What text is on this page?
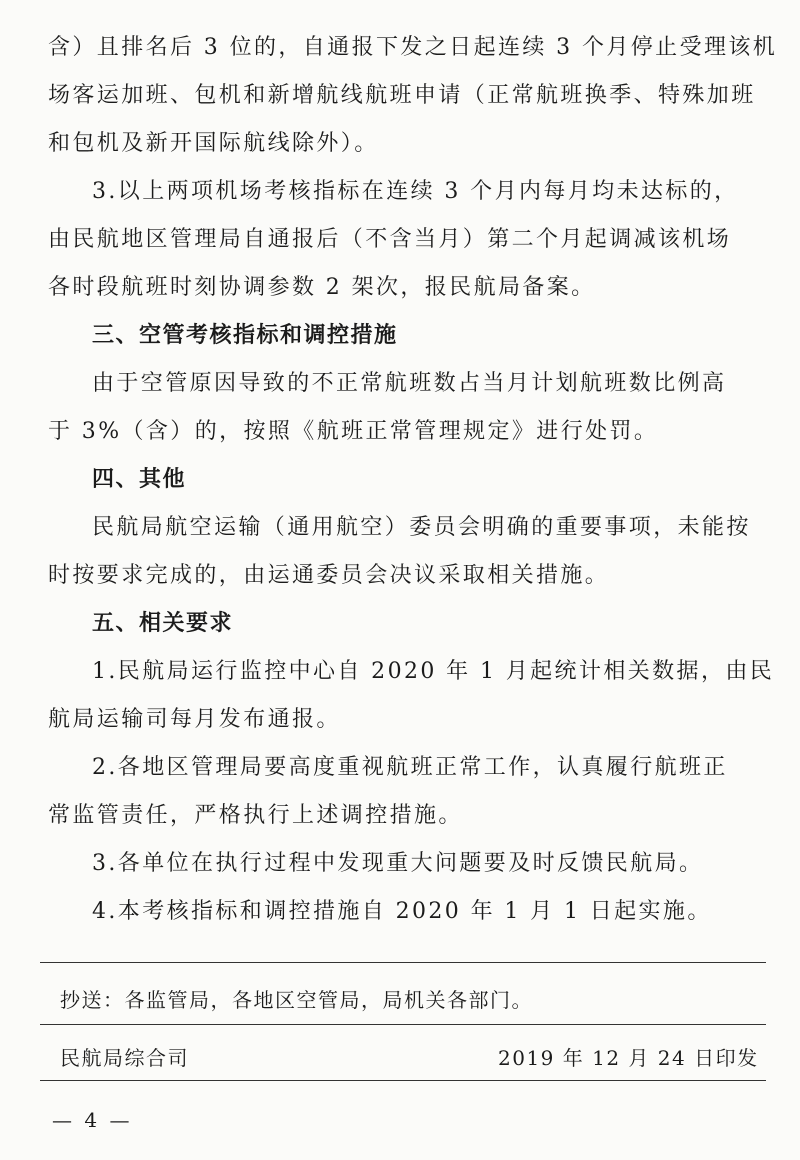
含）且排名后 3 位的，自通报下发之日起连续 3 个月停止受理该机
场客运加班、包机和新增航线航班申请（正常航班换季、特殊加班
和包机及新开国际航线除外）。
3.以上两项机场考核指标在连续 3 个月内每月均未达标的，
由民航地区管理局自通报后（不含当月）第二个月起调减该机场
各时段航班时刻协调参数 2 架次，报民航局备案。
三、空管考核指标和调控措施
由于空管原因导致的不正常航班数占当月计划航班数比例高
于 3%（含）的，按照《航班正常管理规定》进行处罚。
四、其他
民航局航空运输（通用航空）委员会明确的重要事项，未能按
时按要求完成的，由运通委员会决议采取相关措施。
五、相关要求
1.民航局运行监控中心自 2020 年 1 月起统计相关数据，由民
航局运输司每月发布通报。
2.各地区管理局要高度重视航班正常工作，认真履行航班正
常监管责任，严格执行上述调控措施。
3.各单位在执行过程中发现重大问题要及时反馈民航局。
4.本考核指标和调控措施自 2020 年 1 月 1 日起实施。
抄送：各监管局，各地区空管局，局机关各部门。
民航局综合司	2019 年 12 月 24 日印发
— 4 —
